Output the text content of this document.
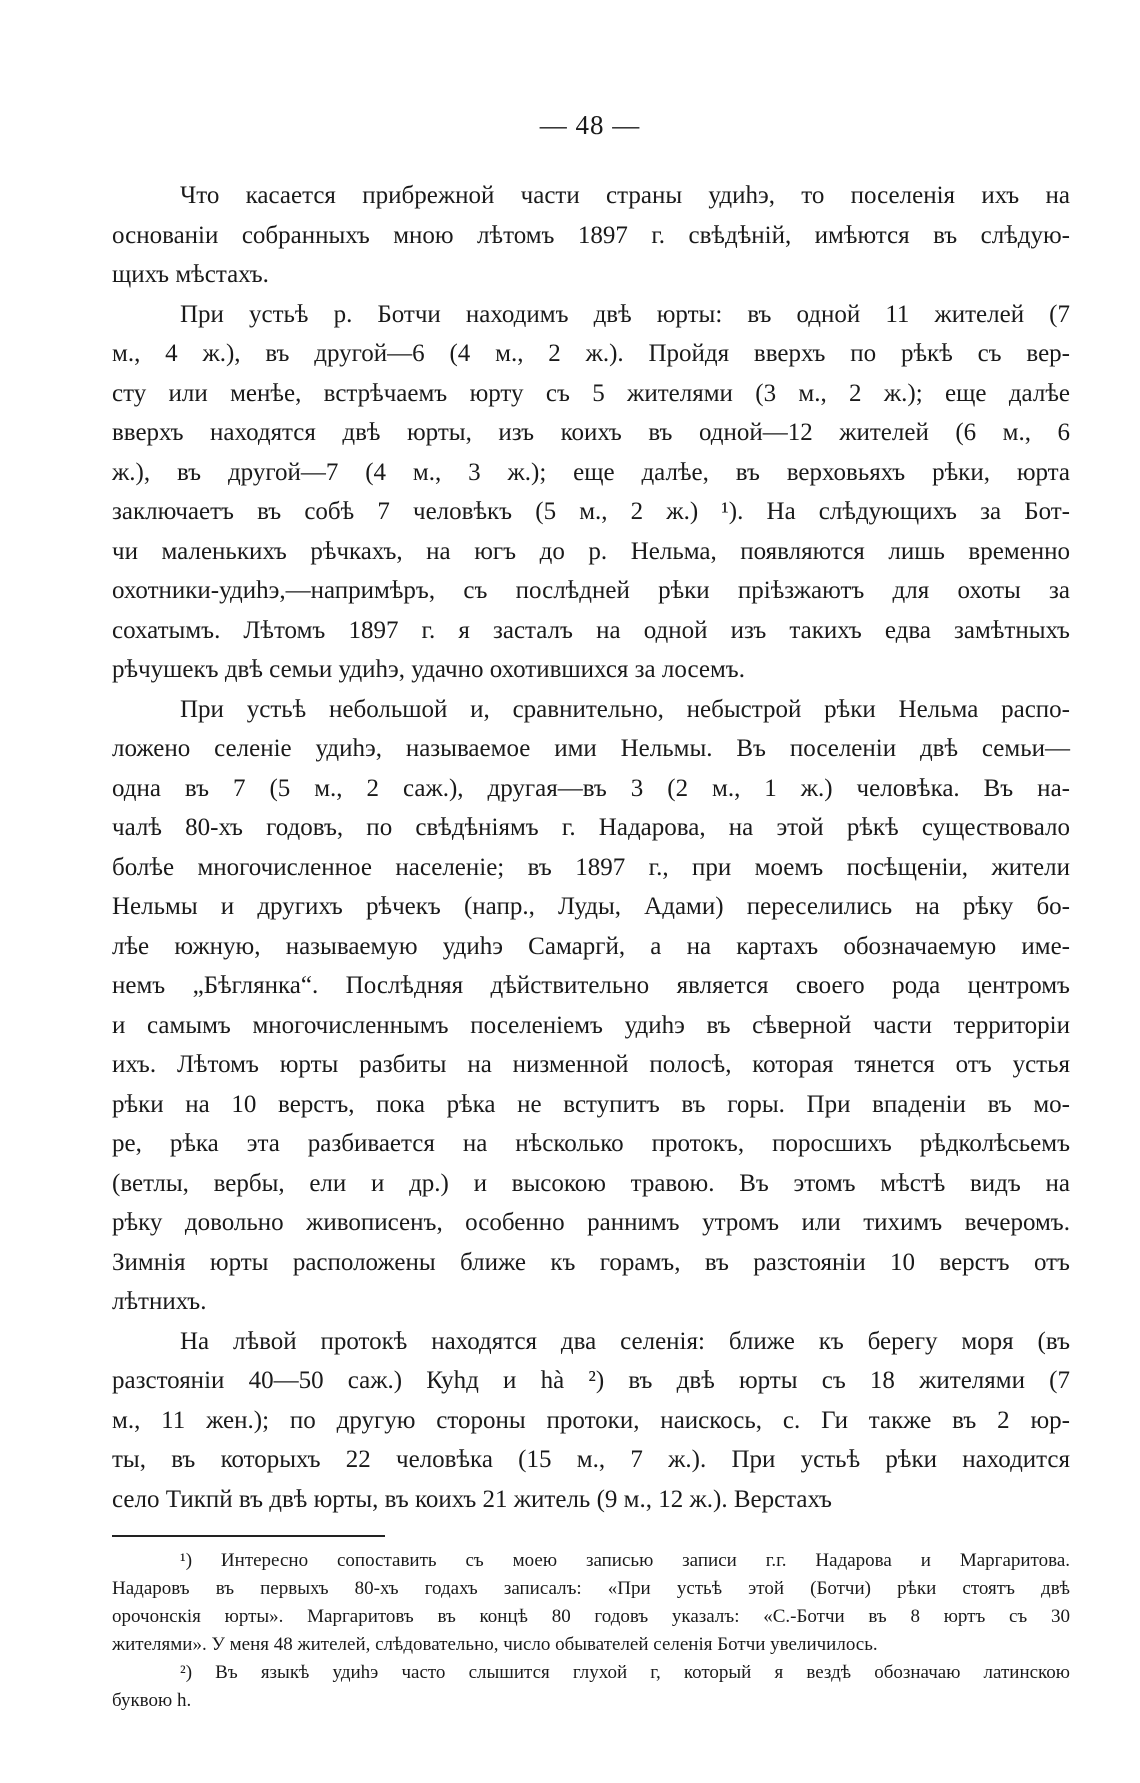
— 48 —
Что касается прибрежной части страны удиhэ, то поселенія ихъ на
основаніи собранныхъ мною лѣтомъ 1897 г. свѣдѣній, имѣются въ слѣдую-
щихъ мѣстахъ.
При устьѣ р. Ботчи находимъ двѣ юрты: въ одной 11 жителей (7
м., 4 ж.), въ другой—6 (4 м., 2 ж.). Пройдя вверхъ по рѣкѣ съ вер-
сту или менѣе, встрѣчаемъ юрту съ 5 жителями (3 м., 2 ж.); еще далѣе
вверхъ находятся двѣ юрты, изъ коихъ въ одной—12 жителей (6 м., 6
ж.), въ другой—7 (4 м., 3 ж.); еще далѣе, въ верховьяхъ рѣки, юрта
заключаетъ въ собѣ 7 человѣкъ (5 м., 2 ж.) ¹). На слѣдующихъ за Бот-
чи маленькихъ рѣчкахъ, на югъ до р. Нельма, появляются лишь временно
охотники-удиhэ,—напримѣръ, съ послѣдней рѣки пріѣзжаютъ для охоты за
сохатымъ. Лѣтомъ 1897 г. я засталъ на одной изъ такихъ едва замѣтныхъ
рѣчушекъ двѣ семьи удиhэ, удачно охотившихся за лосемъ.
При устьѣ небольшой и, сравнительно, небыстрой рѣки Нельма распо-
ложено селеніе удиhэ, называемое ими Нельмы. Въ поселеніи двѣ семьи—
одна въ 7 (5 м., 2 саж.), другая—въ 3 (2 м., 1 ж.) человѣка. Въ на-
чалѣ 80-хъ годовъ, по свѣдѣніямъ г. Надарова, на этой рѣкѣ существовало
болѣе многочисленное населеніе; въ 1897 г., при моемъ посѣщеніи, жители
Нельмы и другихъ рѣчекъ (напр., Луды, Адами) переселились на рѣку бо-
лѣе южную, называемую удиhэ Самаргй, а на картахъ обозначаемую име-
немъ „Бѣглянка“. Послѣдняя дѣйствительно является своего рода центромъ
и самымъ многочисленнымъ поселеніемъ удиhэ въ сѣверной части территоріи
ихъ. Лѣтомъ юрты разбиты на низменной полосѣ, которая тянется отъ устья
рѣки на 10 верстъ, пока рѣка не вступитъ въ горы. При впаденіи въ мо-
ре, рѣка эта разбивается на нѣсколько протокъ, поросшихъ рѣдколѣсьемъ
(ветлы, вербы, ели и др.) и высокою травою. Въ этомъ мѣстѣ видъ на
рѣку довольно живописенъ, особенно раннимъ утромъ или тихимъ вечеромъ.
Зимнія юрты расположены ближе къ горамъ, въ разстояніи 10 верстъ отъ
лѣтнихъ.
На лѣвой протокѣ находятся два селенія: ближе къ берегу моря (въ
разстояніи 40—50 саж.) Куhд и hà ²) въ двѣ юрты съ 18 жителями (7
м., 11 жен.); по другую стороны протоки, наискось, с. Ги также въ 2 юр-
ты, въ которыхъ 22 человѣка (15 м., 7 ж.). При устьѣ рѣки находится
село Тикпй въ двѣ юрты, въ коихъ 21 житель (9 м., 12 ж.). Верстахъ
¹) Интересно сопоставить съ моею записью записи г.г. Надарова и Маргаритова.
Надаровъ въ первыхъ 80-хъ годахъ записалъ: «При устьѣ этой (Ботчи) рѣки стоятъ двѣ
орочонскія юрты». Маргаритовъ въ концѣ 80 годовъ указалъ: «С.-Ботчи въ 8 юртъ съ 30
жителями». У меня 48 жителей, слѣдовательно, число обывателей селенія Ботчи увеличилось.
²) Въ языкѣ удиhэ часто слышится глухой г, который я вездѣ обозначаю латинскою
буквою h.
